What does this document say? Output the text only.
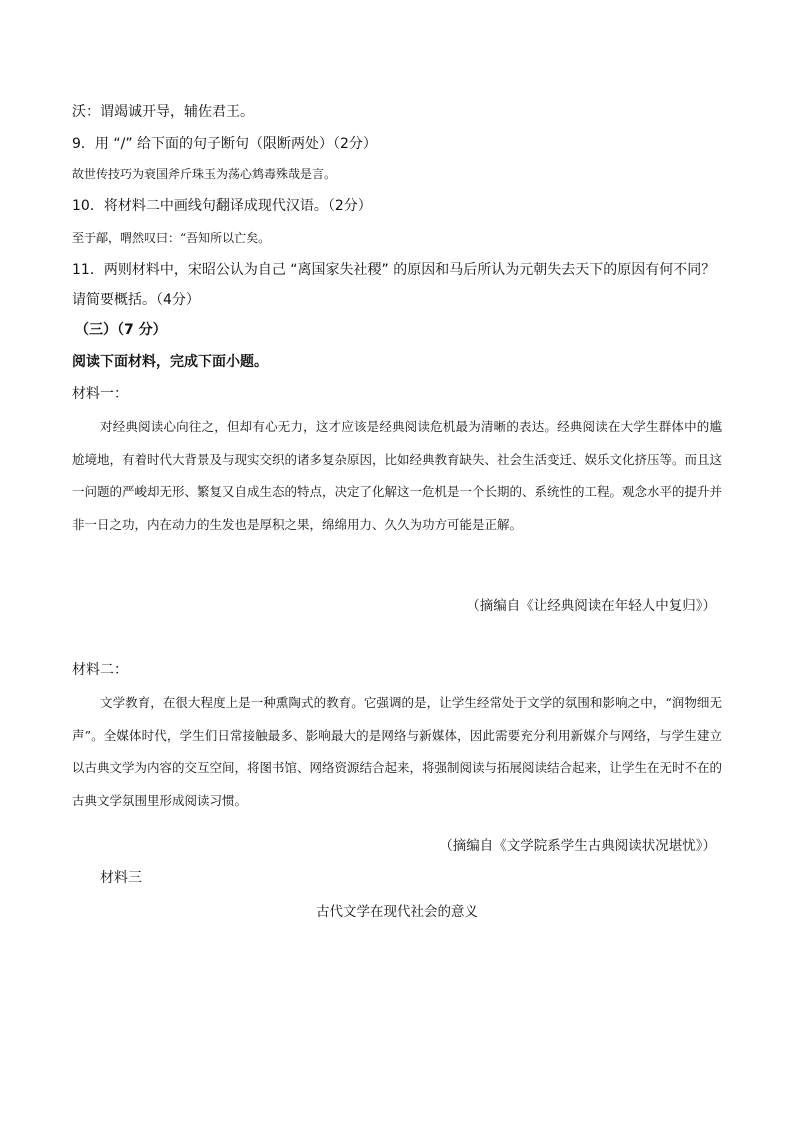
沃：谓竭诚开导，辅佐君王。
9．用 “/” 给下面的句子断句（限断两处）（2分）
故世传技巧为衰国斧斤珠玉为荡心鸩毒殊哉是言。
10．将材料二中画线句翻译成现代汉语。（2分）
至于鄗，喟然叹曰：“吾知所以亡矣。
11．两则材料中，宋昭公认为自己 “离国家失社稷” 的原因和马后所认为元朝失去天下的原因有何不同？
请简要概括。（4分）
（三）（7 分）
阅读下面材料，完成下面小题。
材料一：

对经典阅读心向往之，但却有心无力，这才应该是经典阅读危机最为清晰的表达。经典阅读在大学生群体中的尴尬境地，有着时代大背景及与现实交织的诸多复杂原因，比如经典教育缺失、社会生活变迁、娱乐文化挤压等。而且这一问题的严峻却无形、繁复又自成生态的特点，决定了化解这一危机是一个长期的、系统性的工程。观念水平的提升并非一日之功，内在动力的生发也是厚积之果，绵绵用力、久久为功方可能是正解。

（摘编自《让经典阅读在年轻人中复归》）
材料二：

文学教育，在很大程度上是一种熏陶式的教育。它强调的是，让学生经常处于文学的氛围和影响之中，“润物细无声”。全媒体时代，学生们日常接触最多、影响最大的是网络与新媒体，因此需要充分利用新媒介与网络，与学生建立以古典文学为内容的交互空间，将图书馆、网络资源结合起来，将强制阅读与拓展阅读结合起来，让学生在无时不在的古典文学氛围里形成阅读习惯。

（摘编自《文学院系学生古典阅读状况堪忧》）
材料三
古代文学在现代社会的意义
